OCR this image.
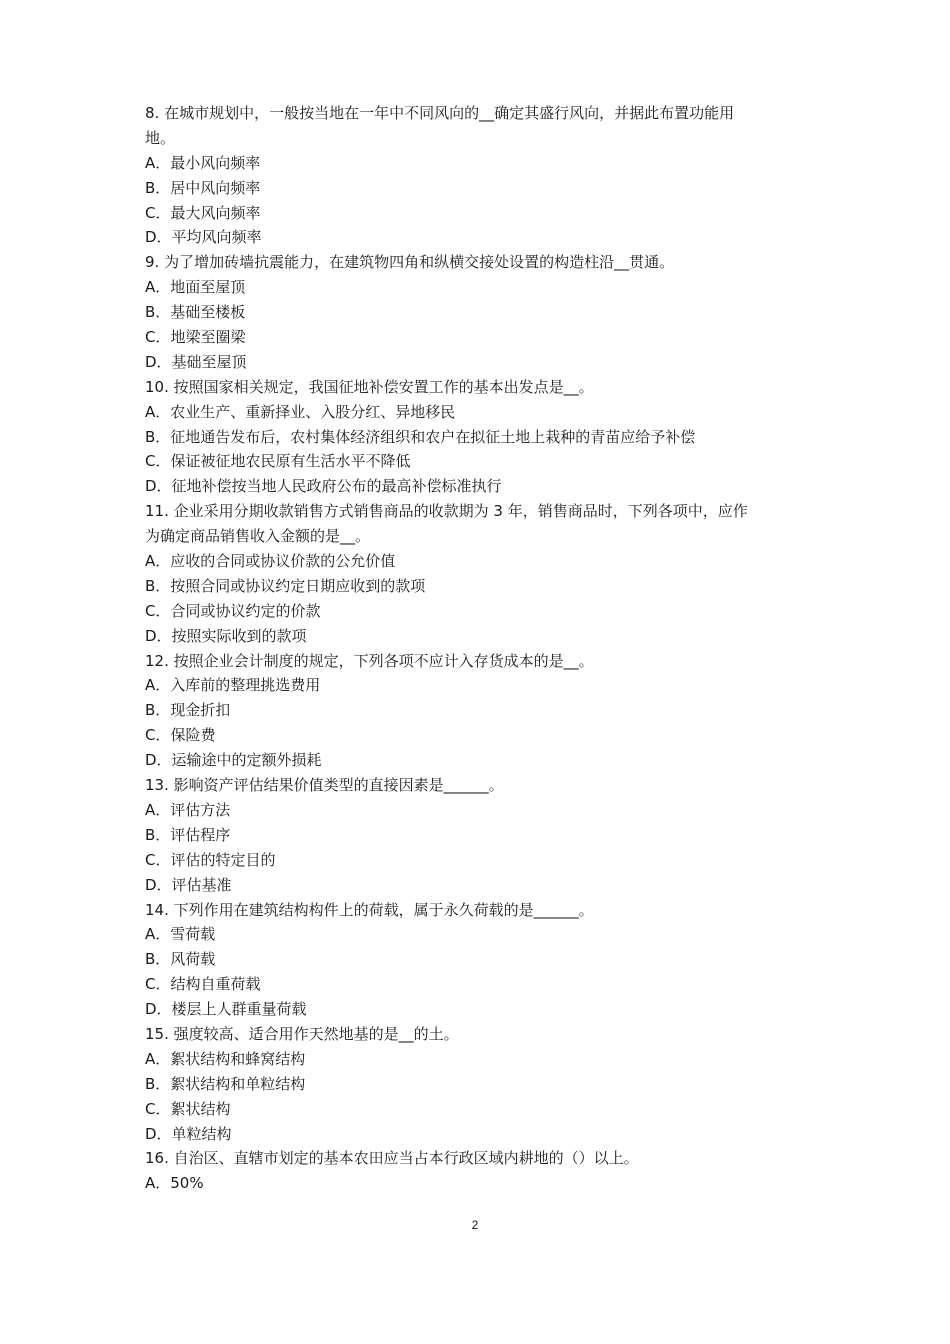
8. 在城市规划中，一般按当地在一年中不同风向的__确定其盛行风向，并据此布置功能用
地。
A．最小风向频率
B．居中风向频率
C．最大风向频率
D．平均风向频率
9. 为了增加砖墙抗震能力，在建筑物四角和纵横交接处设置的构造柱沿__贯通。
A．地面至屋顶
B．基础至楼板
C．地梁至圈梁
D．基础至屋顶
10. 按照国家相关规定，我国征地补偿安置工作的基本出发点是__。
A．农业生产、重新择业、入股分红、异地移民
B．征地通告发布后，农村集体经济组织和农户在拟征土地上栽种的青苗应给予补偿
C．保证被征地农民原有生活水平不降低
D．征地补偿按当地人民政府公布的最高补偿标准执行
11. 企业采用分期收款销售方式销售商品的收款期为 3 年，销售商品时，下列各项中，应作
为确定商品销售收入金额的是__。
A．应收的合同或协议价款的公允价值
B．按照合同或协议约定日期应收到的款项
C．合同或协议约定的价款
D．按照实际收到的款项
12. 按照企业会计制度的规定，下列各项不应计入存货成本的是__。
A．入库前的整理挑选费用
B．现金折扣
C．保险费
D．运输途中的定额外损耗
13. 影响资产评估结果价值类型的直接因素是______。
A．评估方法
B．评估程序
C．评估的特定目的
D．评估基准
14. 下列作用在建筑结构构件上的荷载，属于永久荷载的是______。
A．雪荷载
B．风荷载
C．结构自重荷载
D．楼层上人群重量荷载
15. 强度较高、适合用作天然地基的是__的土。
A．絮状结构和蜂窝结构
B．絮状结构和单粒结构
C．絮状结构
D．单粒结构
16. 自治区、直辖市划定的基本农田应当占本行政区域内耕地的（）以上。
A．50%
2
